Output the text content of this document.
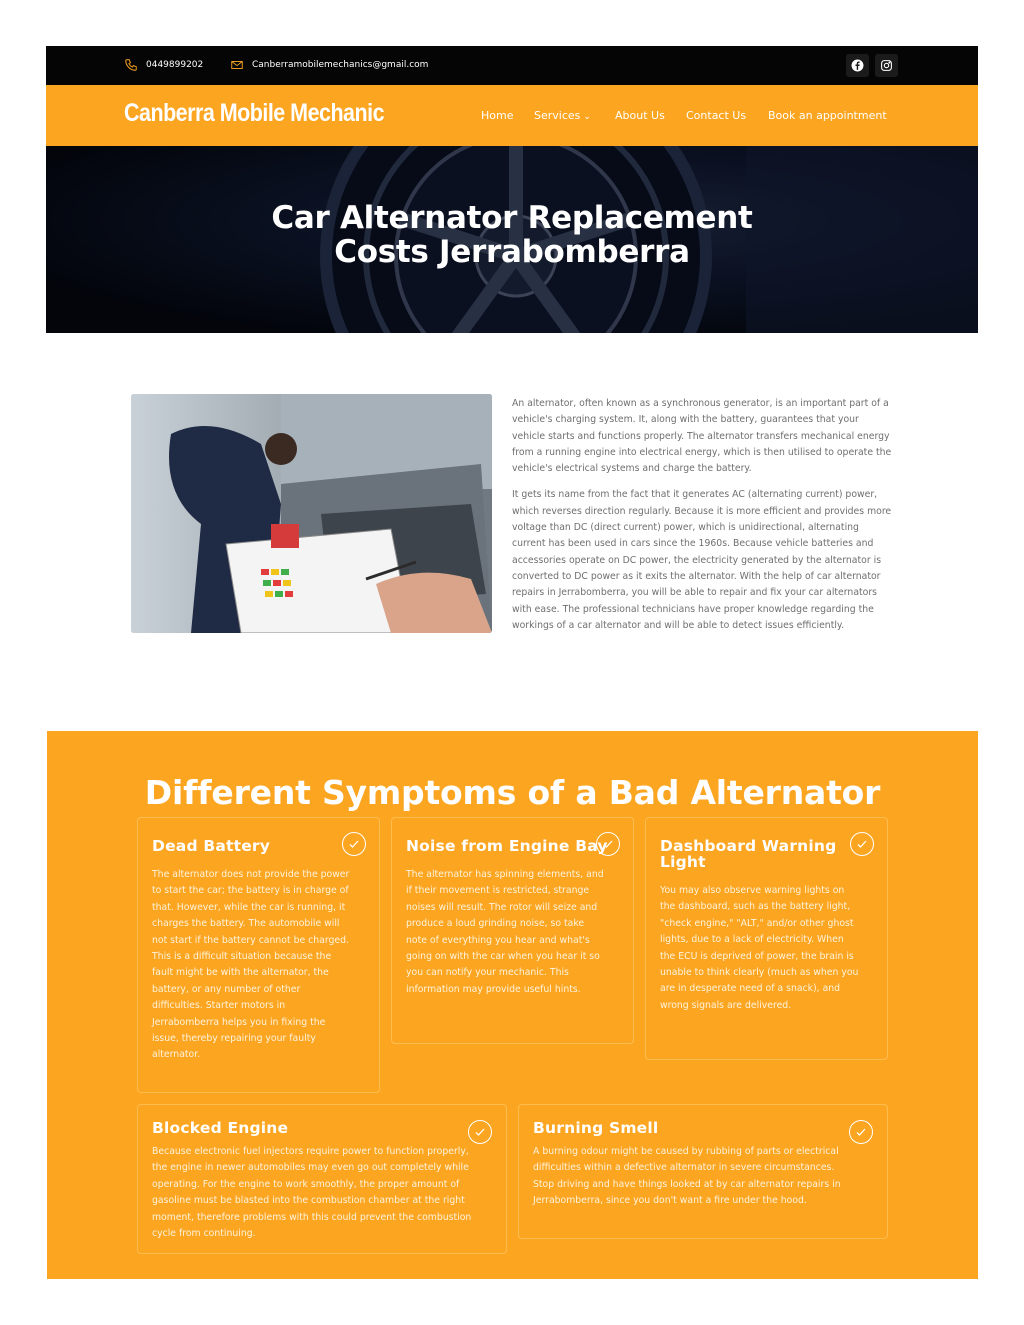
0449899202	Canberramobilemechanics@gmail.com
Canberra Mobile Mechanic	Home Services ⌄ About Us Contact Us Book an appointment
Car Alternator Replacement
Costs Jerrabomberra

An alternator, often known as a synchronous generator, is an important part of a vehicle's charging system. It, along with the battery, guarantees that your vehicle starts and functions properly. The alternator transfers mechanical energy from a running engine into electrical energy, which is then utilised to operate the vehicle's electrical systems and charge the battery.

It gets its name from the fact that it generates AC (alternating current) power, which reverses direction regularly. Because it is more efficient and provides more voltage than DC (direct current) power, which is unidirectional, alternating current has been used in cars since the 1960s. Because vehicle batteries and accessories operate on DC power, the electricity generated by the alternator is converted to DC power as it exits the alternator. With the help of car alternator repairs in Jerrabomberra, you will be able to repair and fix your car alternators with ease. The professional technicians have proper knowledge regarding the workings of a car alternator and will be able to detect issues efficiently.

Different Symptoms of a Bad Alternator
Dead Battery

The alternator does not provide the power to start the car; the battery is in charge of that. However, while the car is running, it charges the battery. The automobile will not start if the battery cannot be charged. This is a difficult situation because the fault might be with the alternator, the battery, or any number of other difficulties. Starter motors in Jerrabomberra helps you in fixing the issue, thereby repairing your faulty alternator.

Noise from Engine Bay

The alternator has spinning elements, and if their movement is restricted, strange noises will result. The rotor will seize and produce a loud grinding noise, so take note of everything you hear and what's going on with the car when you hear it so you can notify your mechanic. This information may provide useful hints.

Dashboard Warning Light

You may also observe warning lights on the dashboard, such as the battery light, "check engine," "ALT," and/or other ghost lights, due to a lack of electricity. When the ECU is deprived of power, the brain is unable to think clearly (much as when you are in desperate need of a snack), and wrong signals are delivered.

Blocked Engine

Because electronic fuel injectors require power to function properly, the engine in newer automobiles may even go out completely while operating. For the engine to work smoothly, the proper amount of gasoline must be blasted into the combustion chamber at the right moment, therefore problems with this could prevent the combustion cycle from continuing.

Burning Smell

A burning odour might be caused by rubbing of parts or electrical difficulties within a defective alternator in severe circumstances. Stop driving and have things looked at by car alternator repairs in Jerrabomberra, since you don't want a fire under the hood.
